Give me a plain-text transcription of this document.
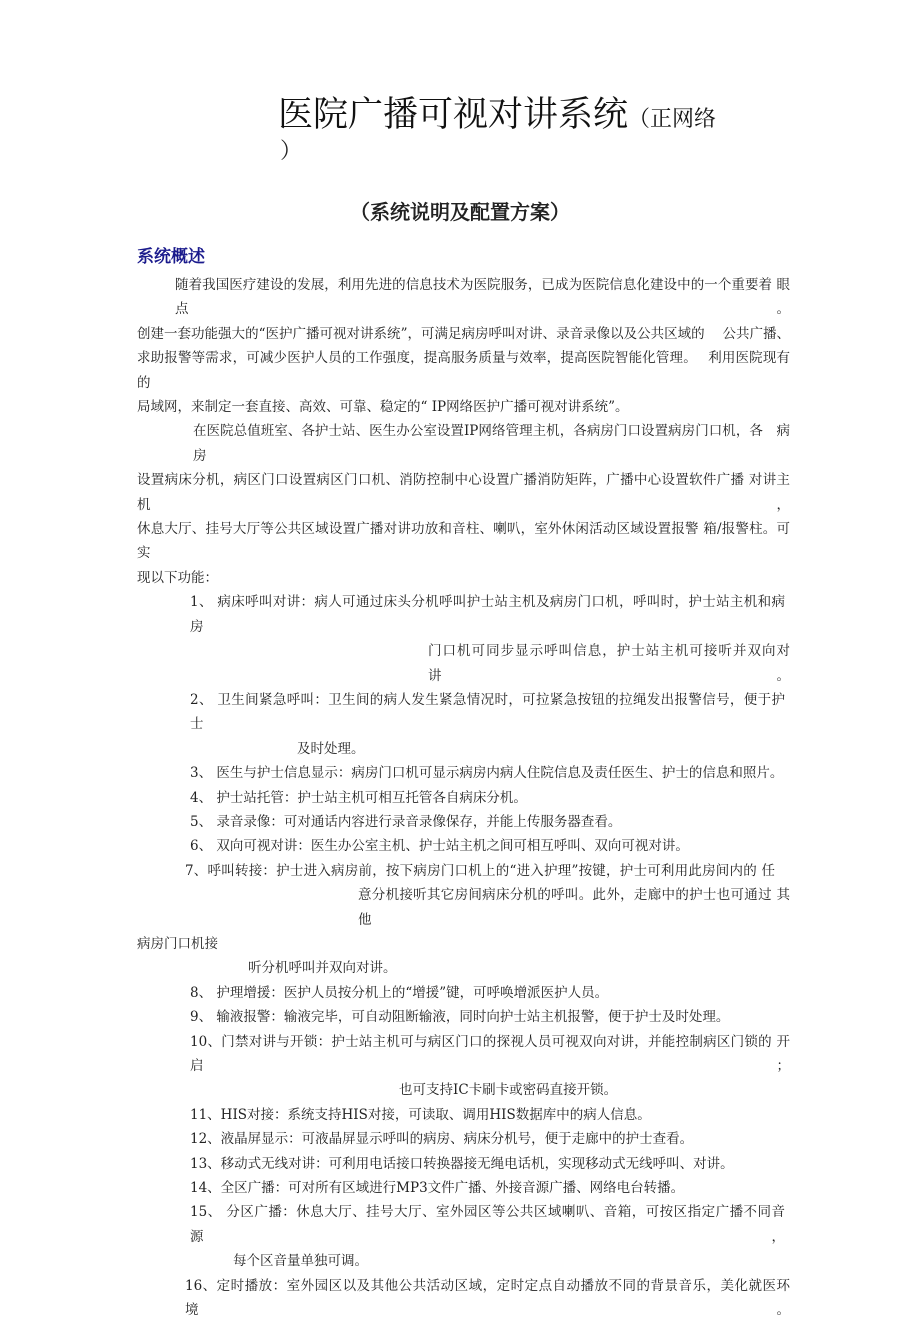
医院广播可视对讲系统（正网络
）
（系统说明及配置方案）
系统概述
随着我国医疗建设的发展，利用先进的信息技术为医院服务，已成为医院信息化建设中的一个重要着 眼点。
创建一套功能强大的“医护广播可视对讲系统”，可满足病房呼叫对讲、录音录像以及公共区域的　 公共广播、
求助报警等需求，可减少医护人员的工作强度，提高服务质量与效率，提高医院智能化管理。　 利用医院现有的
局域网，来制定一套直接、高效、可靠、稳定的“ IP网络医护广播可视对讲系统”。
在医院总值班室、各护士站、医生办公室设置IP网络管理主机，各病房门口设置病房门口机，各　病房
设置病床分机，病区门口设置病区门口机、消防控制中心设置广播消防矩阵，广播中心设置软件广播 对讲主机，
休息大厅、挂号大厅等公共区域设置广播对讲功放和音柱、喇叭，室外休闲活动区域设置报警 箱/报警柱。可实
现以下功能：
1、 病床呼叫对讲：病人可通过床头分机呼叫护士站主机及病房门口机，呼叫时，护士站主机和病 房
门口机可同步显示呼叫信息，护士站主机可接听并双向对 讲。
2、 卫生间紧急呼叫：卫生间的病人发生紧急情况时，可拉紧急按钮的拉绳发出报警信号，便于护 士
及时处理。
3、 医生与护士信息显示：病房门口机可显示病房内病人住院信息及责任医生、护士的信息和照片。
4、 护士站托管：护士站主机可相互托管各自病床分机。
5、 录音录像：可对通话内容进行录音录像保存，并能上传服务器查看。
6、 双向可视对讲：医生办公室主机、护士站主机之间可相互呼叫、双向可视对讲。
7、呼叫转接：护士进入病房前，按下病房门口机上的“进入护理”按键，护士可利用此房间内的 任
意分机接听其它房间病床分机的呼叫。此外，走廊中的护士也可通过 其他
病房门口机接
听分机呼叫并双向对讲。
8、 护理增援：医护人员按分机上的“增援”键，可呼唤增派医护人员。
9、 输液报警：输液完毕，可自动阻断输液，同时向护士站主机报警，便于护士及时处理。
10、门禁对讲与开锁：护士站主机可与病区门口的探视人员可视双向对讲，并能控制病区门锁的 开启；
也可支持IC卡刷卡或密码直接开锁。
11、HIS对接：系统支持HIS对接，可读取、调用HIS数据库中的病人信息。
12、液晶屏显示：可液晶屏显示呼叫的病房、病床分机号，便于走廊中的护士查看。
13、移动式无线对讲：可利用电话接口转换器接无绳电话机，实现移动式无线呼叫、对讲。
14、全区广播：可对所有区域进行MP3文件广播、外接音源广播、网络电台转播。
15、 分区广播：休息大厅、挂号大厅、室外园区等公共区域喇叭、音箱，可按区指定广播不同音 源，
每个区音量单独可调。
16、定时播放：室外园区以及其他公共活动区域，定时定点自动播放不同的背景音乐，美化就医环 境。
